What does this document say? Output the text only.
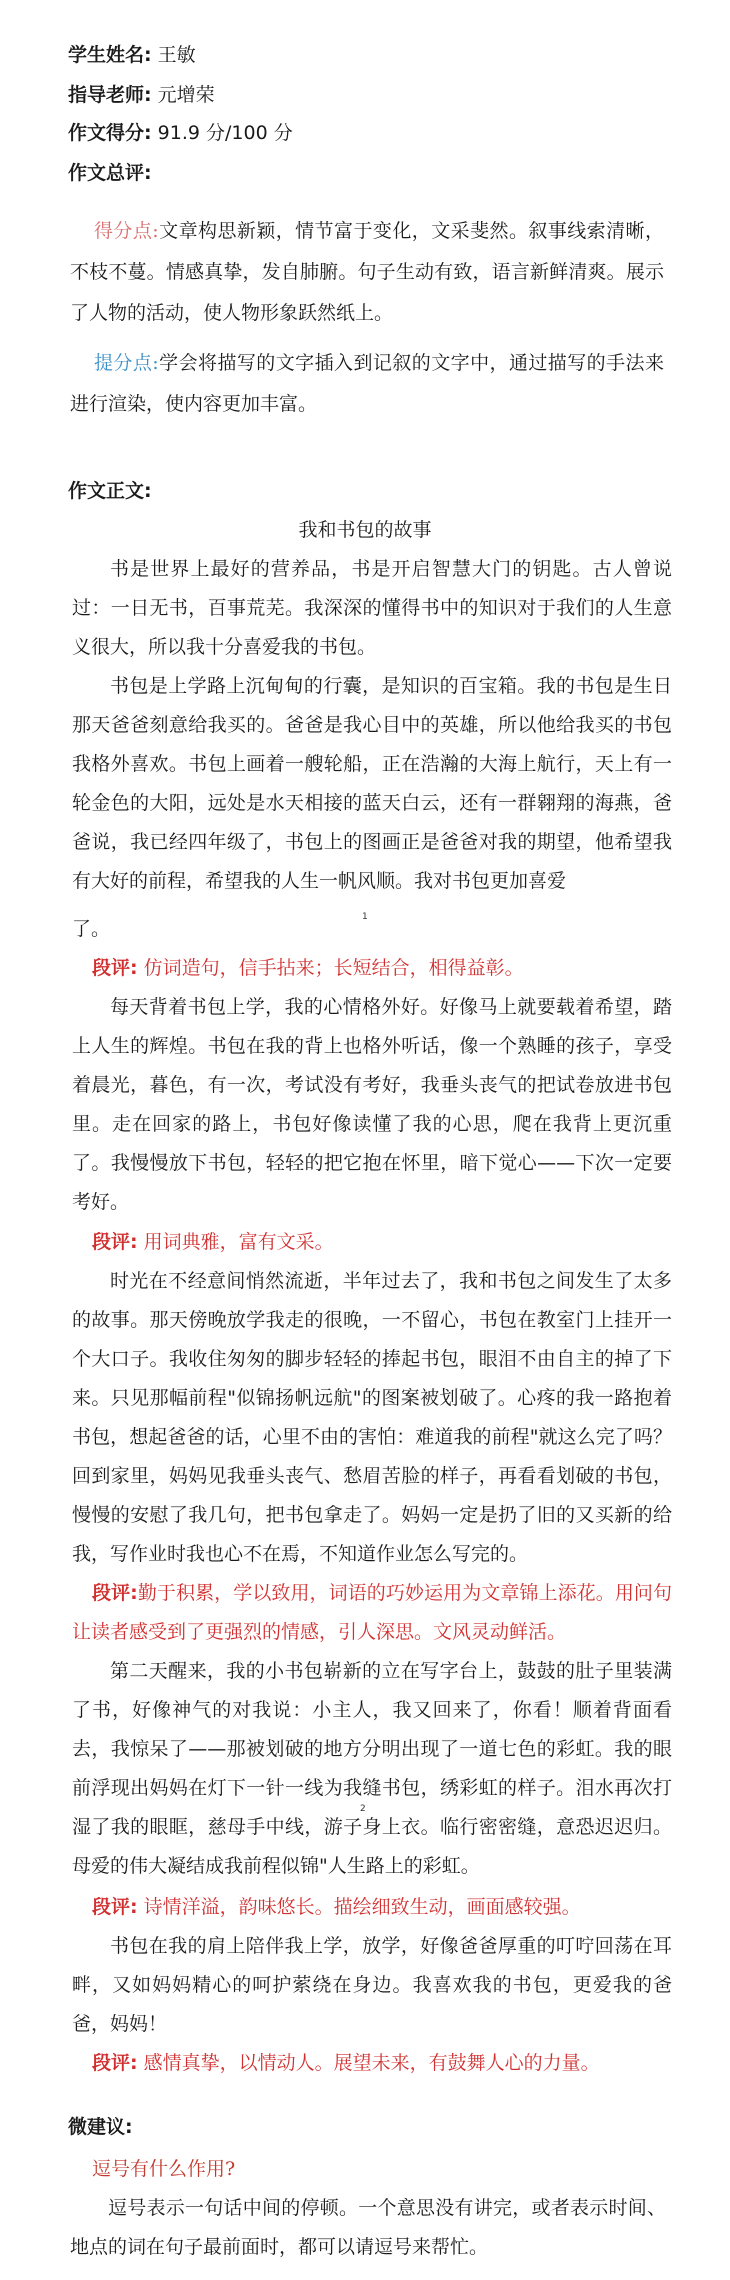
学生姓名: 王敏
指导老师: 元增荣
作文得分: 91.9 分/100 分
作文总评:
得分点:文章构思新颖，情节富于变化，文采斐然。叙事线索清晰，不枝不蔓。情感真挚，发自肺腑。句子生动有致，语言新鲜清爽。展示了人物的活动，使人物形象跃然纸上。
提分点:学会将描写的文字插入到记叙的文字中，通过描写的手法来进行渲染，使内容更加丰富。
作文正文:
我和书包的故事
书是世界上最好的营养品，书是开启智慧大门的钥匙。古人曾说过：一日无书，百事荒芜。我深深的懂得书中的知识对于我们的人生意义很大，所以我十分喜爱我的书包。
书包是上学路上沉甸甸的行囊，是知识的百宝箱。我的书包是生日那天爸爸刻意给我买的。爸爸是我心目中的英雄，所以他给我买的书包我格外喜欢。书包上画着一艘轮船，正在浩瀚的大海上航行，天上有一轮金色的大阳，远处是水天相接的蓝天白云，还有一群翱翔的海燕，爸爸说，我已经四年级了，书包上的图画正是爸爸对我的期望，他希望我有大好的前程，希望我的人生一帆风顺。我对书包更加喜爱
了。
1
段评: 仿词造句，信手拈来；长短结合，相得益彰。
每天背着书包上学，我的心情格外好。好像马上就要载着希望，踏上人生的辉煌。书包在我的背上也格外听话，像一个熟睡的孩子，享受着晨光，暮色，有一次，考试没有考好，我垂头丧气的把试卷放进书包里。走在回家的路上，书包好像读懂了我的心思，爬在我背上更沉重了。我慢慢放下书包，轻轻的把它抱在怀里，暗下觉心——下次一定要考好。
段评: 用词典雅，富有文采。
时光在不经意间悄然流逝，半年过去了，我和书包之间发生了太多的故事。那天傍晚放学我走的很晚，一不留心，书包在教室门上挂开一个大口子。我收住匆匆的脚步轻轻的捧起书包，眼泪不由自主的掉了下来。只见那幅前程"似锦扬帆远航"的图案被划破了。心疼的我一路抱着书包，想起爸爸的话，心里不由的害怕：难道我的前程"就这么完了吗？回到家里，妈妈见我垂头丧气、愁眉苦脸的样子，再看看划破的书包，慢慢的安慰了我几句，把书包拿走了。妈妈一定是扔了旧的又买新的给我，写作业时我也心不在焉，不知道作业怎么写完的。
段评:勤于积累，学以致用，词语的巧妙运用为文章锦上添花。用问句让读者感受到了更强烈的情感，引人深思。文风灵动鲜活。
第二天醒来，我的小书包崭新的立在写字台上，鼓鼓的肚子里装满了书，好像神气的对我说：小主人，我又回来了，你看！顺着背面看去，我惊呆了——那被划破的地方分明出现了一道七色的彩虹。我的眼前浮现出妈妈在灯下一针一线为我缝书包，绣彩虹的样子。泪水再次打湿了我的眼眶，慈母手中线，游子身上衣。临行密密缝，意恐迟迟归。母爱的伟大凝结成我前程似锦"人生路上的彩虹。
2
段评: 诗情洋溢，韵味悠长。描绘细致生动，画面感较强。
书包在我的肩上陪伴我上学，放学，好像爸爸厚重的叮咛回荡在耳畔，又如妈妈精心的呵护萦绕在身边。我喜欢我的书包，更爱我的爸爸，妈妈！
段评: 感情真挚，以情动人。展望未来，有鼓舞人心的力量。
微建议:
逗号有什么作用?
逗号表示一句话中间的停顿。一个意思没有讲完，或者表示时间、地点的词在句子最前面时，都可以请逗号来帮忙。
